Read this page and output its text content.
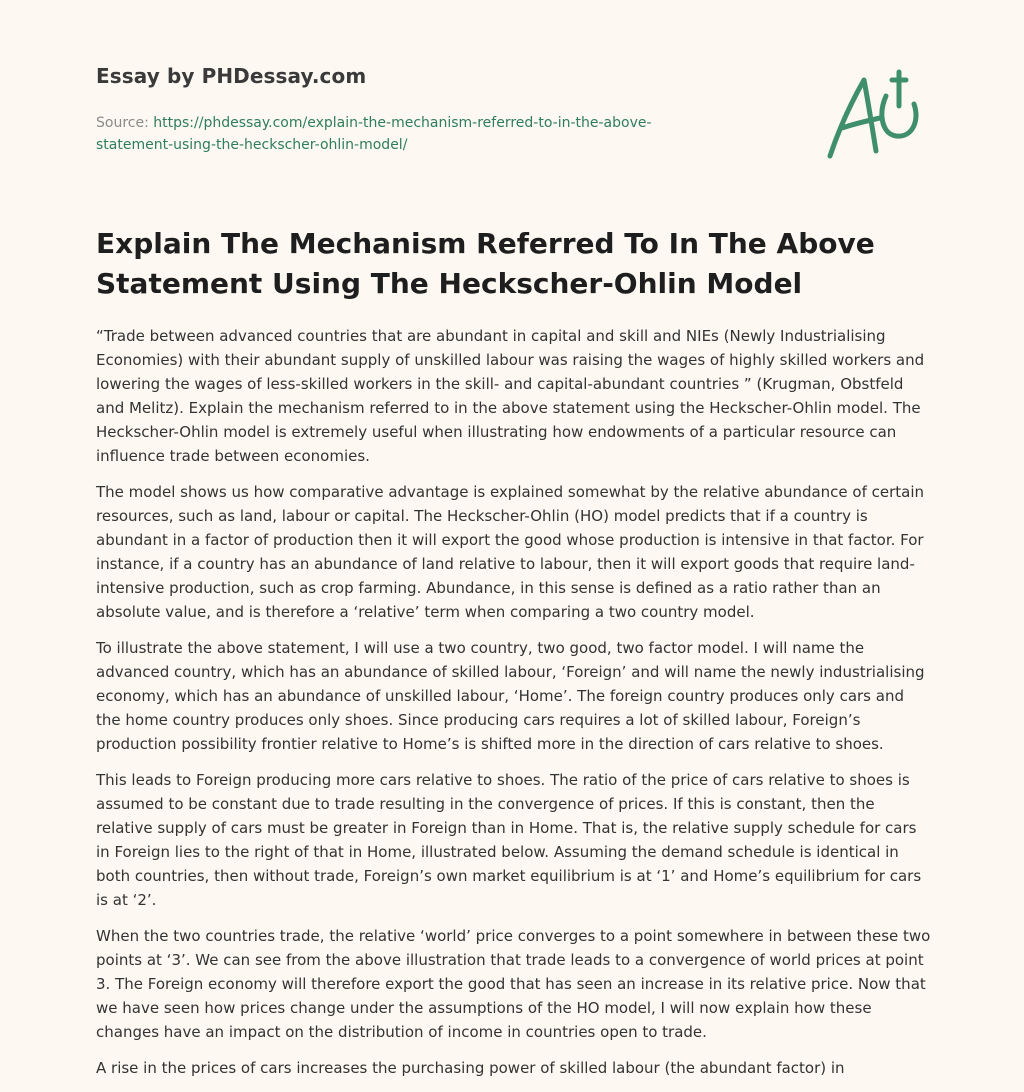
Essay by PHDessay.com
Source: https://phdessay.com/explain-the-mechanism-referred-to-in-the-above-
statement-using-the-heckscher-ohlin-model/
Explain The Mechanism Referred To In The Above Statement Using The Heckscher-Ohlin Model

“Trade between advanced countries that are abundant in capital and skill and NIEs (Newly Industrialising Economies) with their abundant supply of unskilled labour was raising the wages of highly skilled workers and lowering the wages of less-skilled workers in the skill- and capital-abundant countries ” (Krugman, Obstfeld and Melitz). Explain the mechanism referred to in the above statement using the Heckscher-Ohlin model. The Heckscher-Ohlin model is extremely useful when illustrating how endowments of a particular resource can influence trade between economies.

The model shows us how comparative advantage is explained somewhat by the relative abundance of certain resources, such as land, labour or capital. The Heckscher-Ohlin (HO) model predicts that if a country is abundant in a factor of production then it will export the good whose production is intensive in that factor. For instance, if a country has an abundance of land relative to labour, then it will export goods that require land-intensive production, such as crop farming. Abundance, in this sense is defined as a ratio rather than an absolute value, and is therefore a ‘relative’ term when comparing a two country model.

To illustrate the above statement, I will use a two country, two good, two factor model. I will name the advanced country, which has an abundance of skilled labour, ‘Foreign’ and will name the newly industrialising economy, which has an abundance of unskilled labour, ‘Home’. The foreign country produces only cars and the home country produces only shoes. Since producing cars requires a lot of skilled labour, Foreign’s production possibility frontier relative to Home’s is shifted more in the direction of cars relative to shoes.

This leads to Foreign producing more cars relative to shoes. The ratio of the price of cars relative to shoes is assumed to be constant due to trade resulting in the convergence of prices. If this is constant, then the relative supply of cars must be greater in Foreign than in Home. That is, the relative supply schedule for cars in Foreign lies to the right of that in Home, illustrated below. Assuming the demand schedule is identical in both countries, then without trade, Foreign’s own market equilibrium is at ‘1’ and Home’s equilibrium for cars is at ‘2’.

When the two countries trade, the relative ‘world’ price converges to a point somewhere in between these two points at ‘3’. We can see from the above illustration that trade leads to a convergence of world prices at point 3. The Foreign economy will therefore export the good that has seen an increase in its relative price. Now that we have seen how prices change under the assumptions of the HO model, I will now explain how these changes have an impact on the distribution of income in countries open to trade.

A rise in the prices of cars increases the purchasing power of skilled labour (the abundant factor) in
